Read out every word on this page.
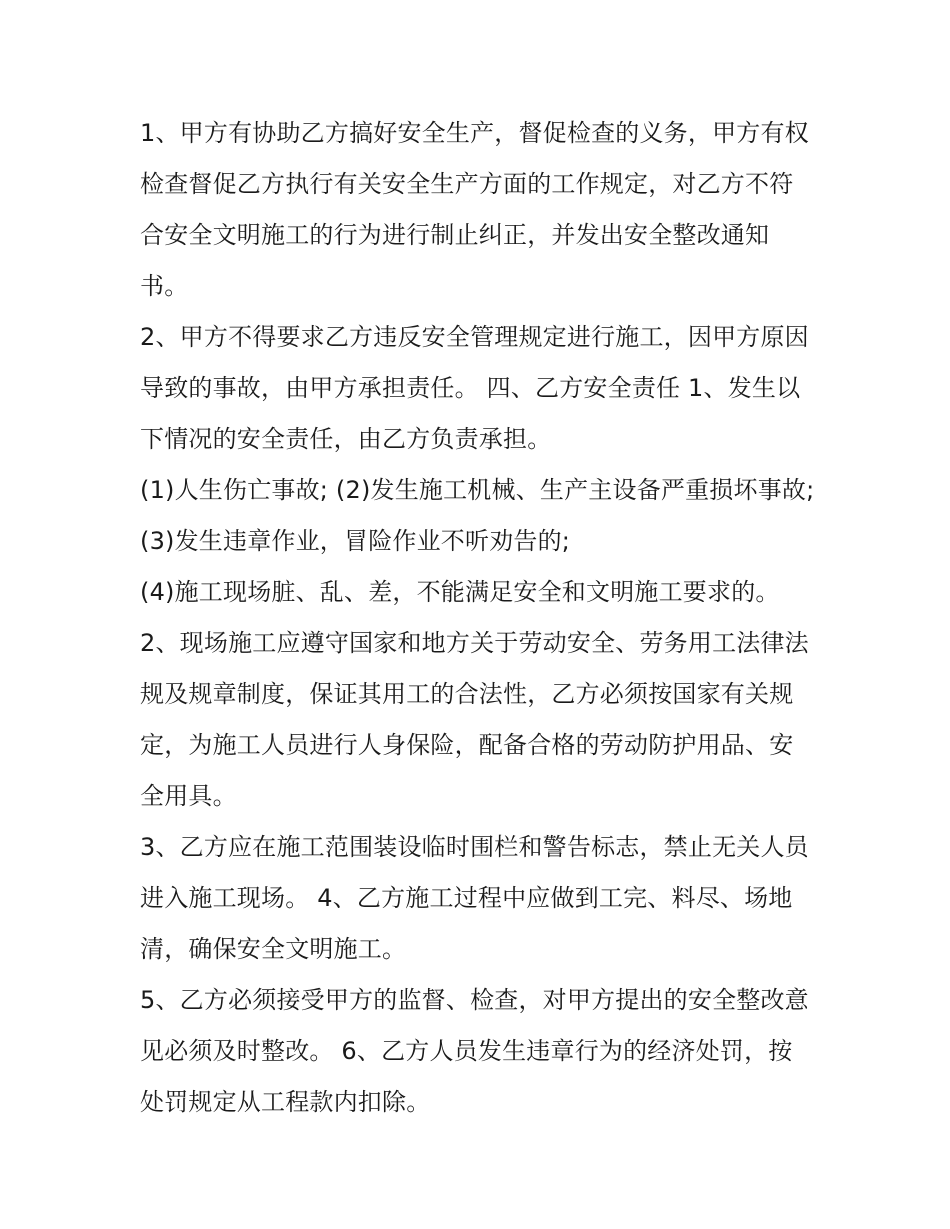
1、甲方有协助乙方搞好安全生产，督促检查的义务，甲方有权检查督促乙方执行有关安全生产方面的工作规定，对乙方不符合安全文明施工的行为进行制止纠正，并发出安全整改通知书。

2、甲方不得要求乙方违反安全管理规定进行施工，因甲方原因导致的事故，由甲方承担责任。 四、乙方安全责任 1、发生以下情况的安全责任，由乙方负责承担。

(1)人生伤亡事故; (2)发生施工机械、生产主设备严重损坏事故; (3)发生违章作业，冒险作业不听劝告的;

(4)施工现场脏、乱、差，不能满足安全和文明施工要求的。

2、现场施工应遵守国家和地方关于劳动安全、劳务用工法律法规及规章制度，保证其用工的合法性，乙方必须按国家有关规定，为施工人员进行人身保险，配备合格的劳动防护用品、安全用具。

3、乙方应在施工范围装设临时围栏和警告标志，禁止无关人员进入施工现场。 4、乙方施工过程中应做到工完、料尽、场地清，确保安全文明施工。

5、乙方必须接受甲方的监督、检查，对甲方提出的安全整改意见必须及时整改。 6、乙方人员发生违章行为的经济处罚，按处罚规定从工程款内扣除。
